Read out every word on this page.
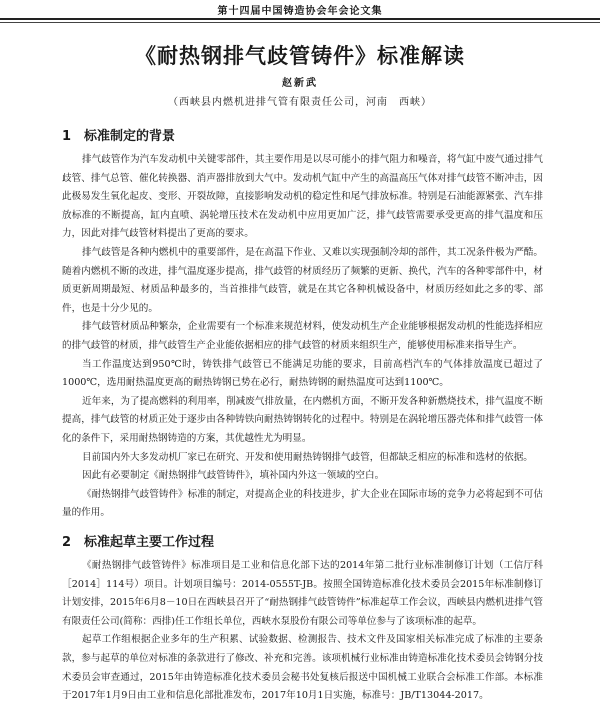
第十四届中国铸造协会年会论文集
《耐热钢排气歧管铸件》标准解读
赵新武
（西峡县内燃机进排气管有限责任公司，河南　西峡）
1 标准制定的背景

排气歧管作为汽车发动机中关键零部件，其主要作用是以尽可能小的排气阻力和噪音，将气缸中废气通过排气歧管、排气总管、催化转换器、消声器排放到大气中。发动机气缸中产生的高温高压气体对排气歧管不断冲击，因此极易发生氧化起皮、变形、开裂故障，直接影响发动机的稳定性和尾气排放标准。特别是石油能源紧张、汽车排放标准的不断提高，缸内直喷、涡轮增压技术在发动机中应用更加广泛，排气歧管需要承受更高的排气温度和压力，因此对排气歧管材料提出了更高的要求。

排气歧管是各种内燃机中的重要部件，是在高温下作业、又难以实现强制冷却的部件，其工况条件极为严酷。随着内燃机不断的改进，排气温度逐步提高，排气歧管的材质经历了频繁的更新、换代，汽车的各种零部件中，材质更新周期最短、材质品种最多的，当首推排气歧管，就是在其它各种机械设备中，材质历经如此之多的零、部件，也是十分少见的。

排气歧管材质品种繁杂，企业需要有一个标准来规范材料，使发动机生产企业能够根据发动机的性能选择相应的排气歧管的材质，排气歧管生产企业能依据相应的排气歧管的材质来组织生产，能够使用标准来指导生产。

当工作温度达到950℃时，铸铁排气歧管已不能满足功能的要求，目前高档汽车的气体排放温度已超过了1000℃，选用耐热温度更高的耐热铸钢已势在必行，耐热铸钢的耐热温度可达到1100℃。

近年来，为了提高燃料的利用率，削减废气排放量，在内燃机方面，不断开发各种新燃烧技术，排气温度不断提高，排气歧管的材质正处于逐步由各种铸铁向耐热铸钢转化的过程中。特别是在涡轮增压器壳体和排气歧管一体化的条件下，采用耐热钢铸造的方案，其优越性尤为明显。

目前国内外大多发动机厂家已在研究、开发和使用耐热铸钢排气歧管，但都缺乏相应的标准和选材的依据。

因此有必要制定《耐热钢排气歧管铸件》，填补国内外这一领域的空白。

《耐热钢排气歧管铸件》标准的制定，对提高企业的科技进步，扩大企业在国际市场的竞争力必将起到不可估量的作用。

2 标准起草主要工作过程

《耐热钢排气歧管铸件》标准项目是工业和信息化部下达的2014年第二批行业标准制修订计划（工信厅科［2014］114号）项目。计划项目编号：2014-0555T-JB。按照全国铸造标准化技术委员会2015年标准制修订计划安排，2015年6月8－10日在西峡县召开了“耐热钢排气歧管铸件”标准起草工作会议，西峡县内燃机进排气管有限责任公司(简称：西排)任工作组长单位，西峡水泵股份有限公司等单位参与了该项标准的起草。

起草工作组根据企业多年的生产积累、试验数据、检测报告、技术文件及国家相关标准完成了标准的主要条款，参与起草的单位对标准的条款进行了修改、补充和完善。该项机械行业标准由铸造标准化技术委员会铸钢分技术委员会审查通过，2015年由铸造标准化技术委员会秘书处复核后报送中国机械工业联合会标准工作部。本标准于2017年1月9日由工业和信息化部批准发布，2017年10月1日实施，标准号：JB/T13044-2017。
